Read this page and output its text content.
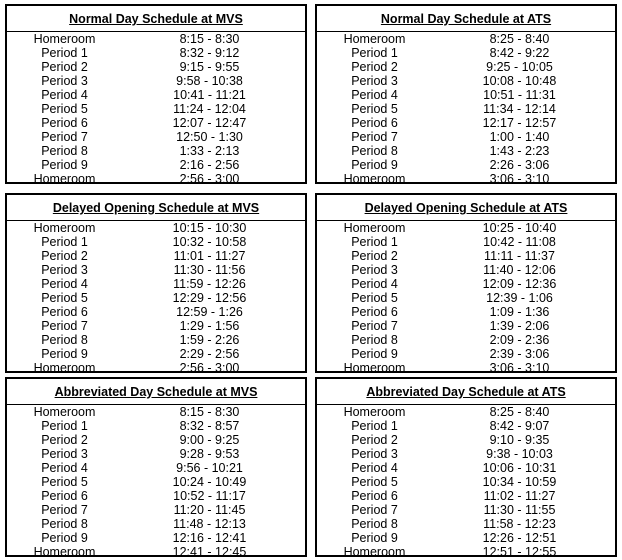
Normal Day Schedule at MVS
Homeroom	8:15 - 8:30
Period 1	8:32 - 9:12
Period 2	9:15 - 9:55
Period 3	9:58 - 10:38
Period 4	10:41 - 11:21
Period 5	11:24 - 12:04
Period 6	12:07 - 12:47
Period 7	12:50 - 1:30
Period 8	1:33 - 2:13
Period 9	2:16 - 2:56
Homeroom	2:56 - 3:00
Normal Day Schedule at ATS
Homeroom	8:25 - 8:40
Period 1	8:42 - 9:22
Period 2	9:25 - 10:05
Period 3	10:08 - 10:48
Period 4	10:51 - 11:31
Period 5	11:34 - 12:14
Period 6	12:17 - 12:57
Period 7	1:00 - 1:40
Period 8	1:43 - 2:23
Period 9	2:26 - 3:06
Homeroom	3:06 - 3:10
Delayed Opening Schedule at MVS
Homeroom	10:15 - 10:30
Period 1	10:32 - 10:58
Period 2	11:01 - 11:27
Period 3	11:30 - 11:56
Period 4	11:59 - 12:26
Period 5	12:29 - 12:56
Period 6	12:59 - 1:26
Period 7	1:29 - 1:56
Period 8	1:59 - 2:26
Period 9	2:29 - 2:56
Homeroom	2:56 - 3:00
Delayed Opening Schedule at ATS
Homeroom	10:25 - 10:40
Period 1	10:42 - 11:08
Period 2	11:11 - 11:37
Period 3	11:40 - 12:06
Period 4	12:09 - 12:36
Period 5	12:39 - 1:06
Period 6	1:09 - 1:36
Period 7	1:39 - 2:06
Period 8	2:09 - 2:36
Period 9	2:39 - 3:06
Homeroom	3:06 - 3:10
Abbreviated Day Schedule at MVS
Homeroom	8:15 - 8:30
Period 1	8:32 - 8:57
Period 2	9:00 - 9:25
Period 3	9:28 - 9:53
Period 4	9:56 - 10:21
Period 5	10:24 - 10:49
Period 6	10:52 - 11:17
Period 7	11:20 - 11:45
Period 8	11:48 - 12:13
Period 9	12:16 - 12:41
Homeroom	12:41 - 12:45
Abbreviated Day Schedule at ATS
Homeroom	8:25 - 8:40
Period 1	8:42 - 9:07
Period 2	9:10 - 9:35
Period 3	9:38 - 10:03
Period 4	10:06 - 10:31
Period 5	10:34 - 10:59
Period 6	11:02 - 11:27
Period 7	11:30 - 11:55
Period 8	11:58 - 12:23
Period 9	12:26 - 12:51
Homeroom	12:51 - 12:55
